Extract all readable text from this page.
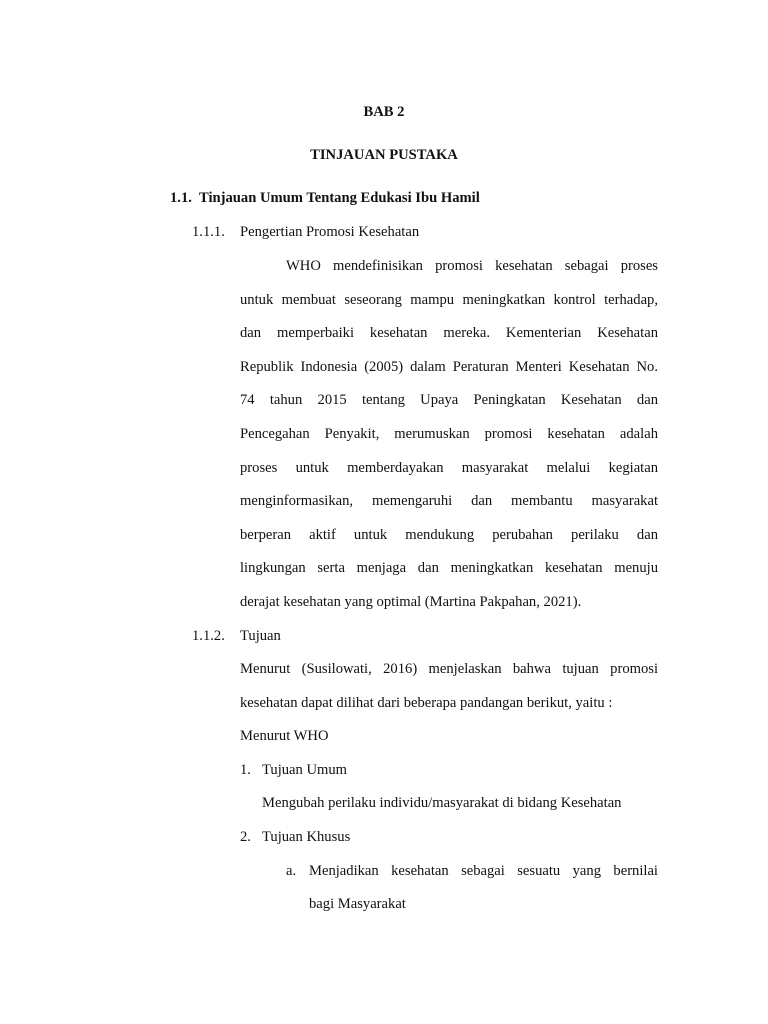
BAB 2
TINJAUAN PUSTAKA
1.1. Tinjauan Umum Tentang Edukasi Ibu Hamil
1.1.1. Pengertian Promosi Kesehatan
WHO mendefinisikan promosi kesehatan sebagai proses
untuk membuat seseorang mampu meningkatkan kontrol terhadap,
dan memperbaiki kesehatan mereka. Kementerian Kesehatan
Republik Indonesia (2005) dalam Peraturan Menteri Kesehatan No.
74 tahun 2015 tentang Upaya Peningkatan Kesehatan dan
Pencegahan Penyakit, merumuskan promosi kesehatan adalah
proses untuk memberdayakan masyarakat melalui kegiatan
menginformasikan, memengaruhi dan membantu masyarakat
berperan aktif untuk mendukung perubahan perilaku dan
lingkungan serta menjaga dan meningkatkan kesehatan menuju
derajat kesehatan yang optimal (Martina Pakpahan, 2021).
1.1.2. Tujuan
Menurut (Susilowati, 2016) menjelaskan bahwa tujuan promosi
kesehatan dapat dilihat dari beberapa pandangan berikut, yaitu :
Menurut WHO
1. Tujuan Umum
Mengubah perilaku individu/masyarakat di bidang Kesehatan
2. Tujuan Khusus
a. Menjadikan kesehatan sebagai sesuatu yang bernilai
bagi Masyarakat
